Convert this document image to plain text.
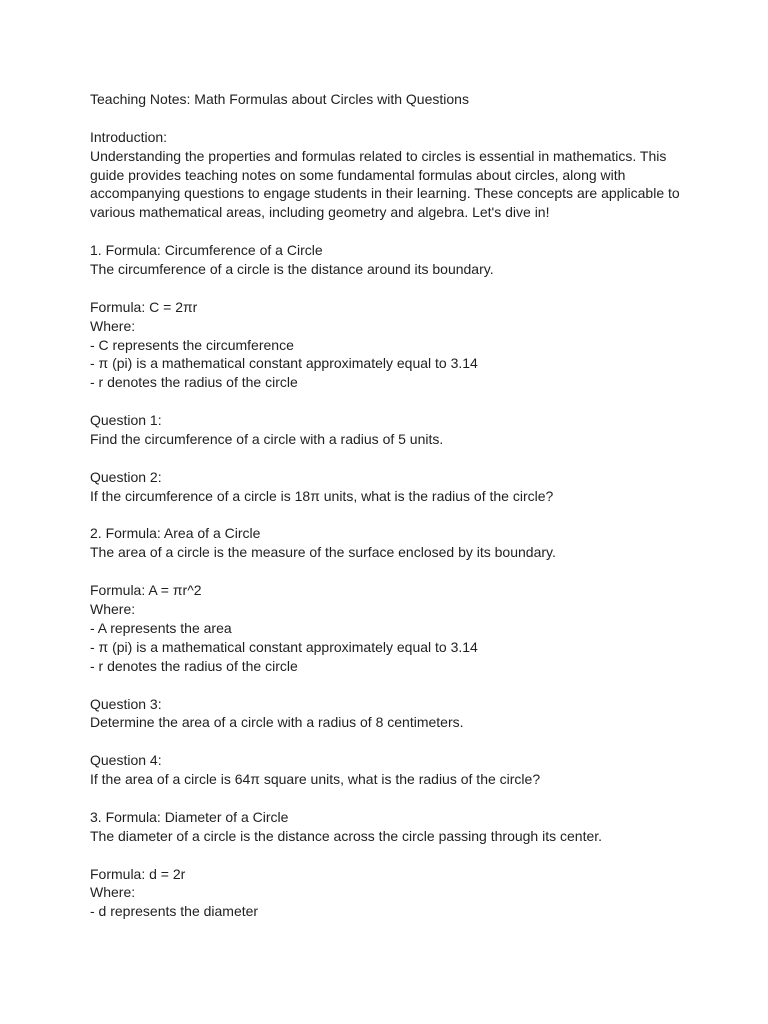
Teaching Notes: Math Formulas about Circles with Questions
Introduction:
Understanding the properties and formulas related to circles is essential in mathematics. This
guide provides teaching notes on some fundamental formulas about circles, along with
accompanying questions to engage students in their learning. These concepts are applicable to
various mathematical areas, including geometry and algebra. Let's dive in!
1. Formula: Circumference of a Circle
The circumference of a circle is the distance around its boundary.
Formula: C = 2πr
Where:
- C represents the circumference
- π (pi) is a mathematical constant approximately equal to 3.14
- r denotes the radius of the circle
Question 1:
Find the circumference of a circle with a radius of 5 units.
Question 2:
If the circumference of a circle is 18π units, what is the radius of the circle?
2. Formula: Area of a Circle
The area of a circle is the measure of the surface enclosed by its boundary.
Formula: A = πr^2
Where:
- A represents the area
- π (pi) is a mathematical constant approximately equal to 3.14
- r denotes the radius of the circle
Question 3:
Determine the area of a circle with a radius of 8 centimeters.
Question 4:
If the area of a circle is 64π square units, what is the radius of the circle?
3. Formula: Diameter of a Circle
The diameter of a circle is the distance across the circle passing through its center.
Formula: d = 2r
Where:
- d represents the diameter
